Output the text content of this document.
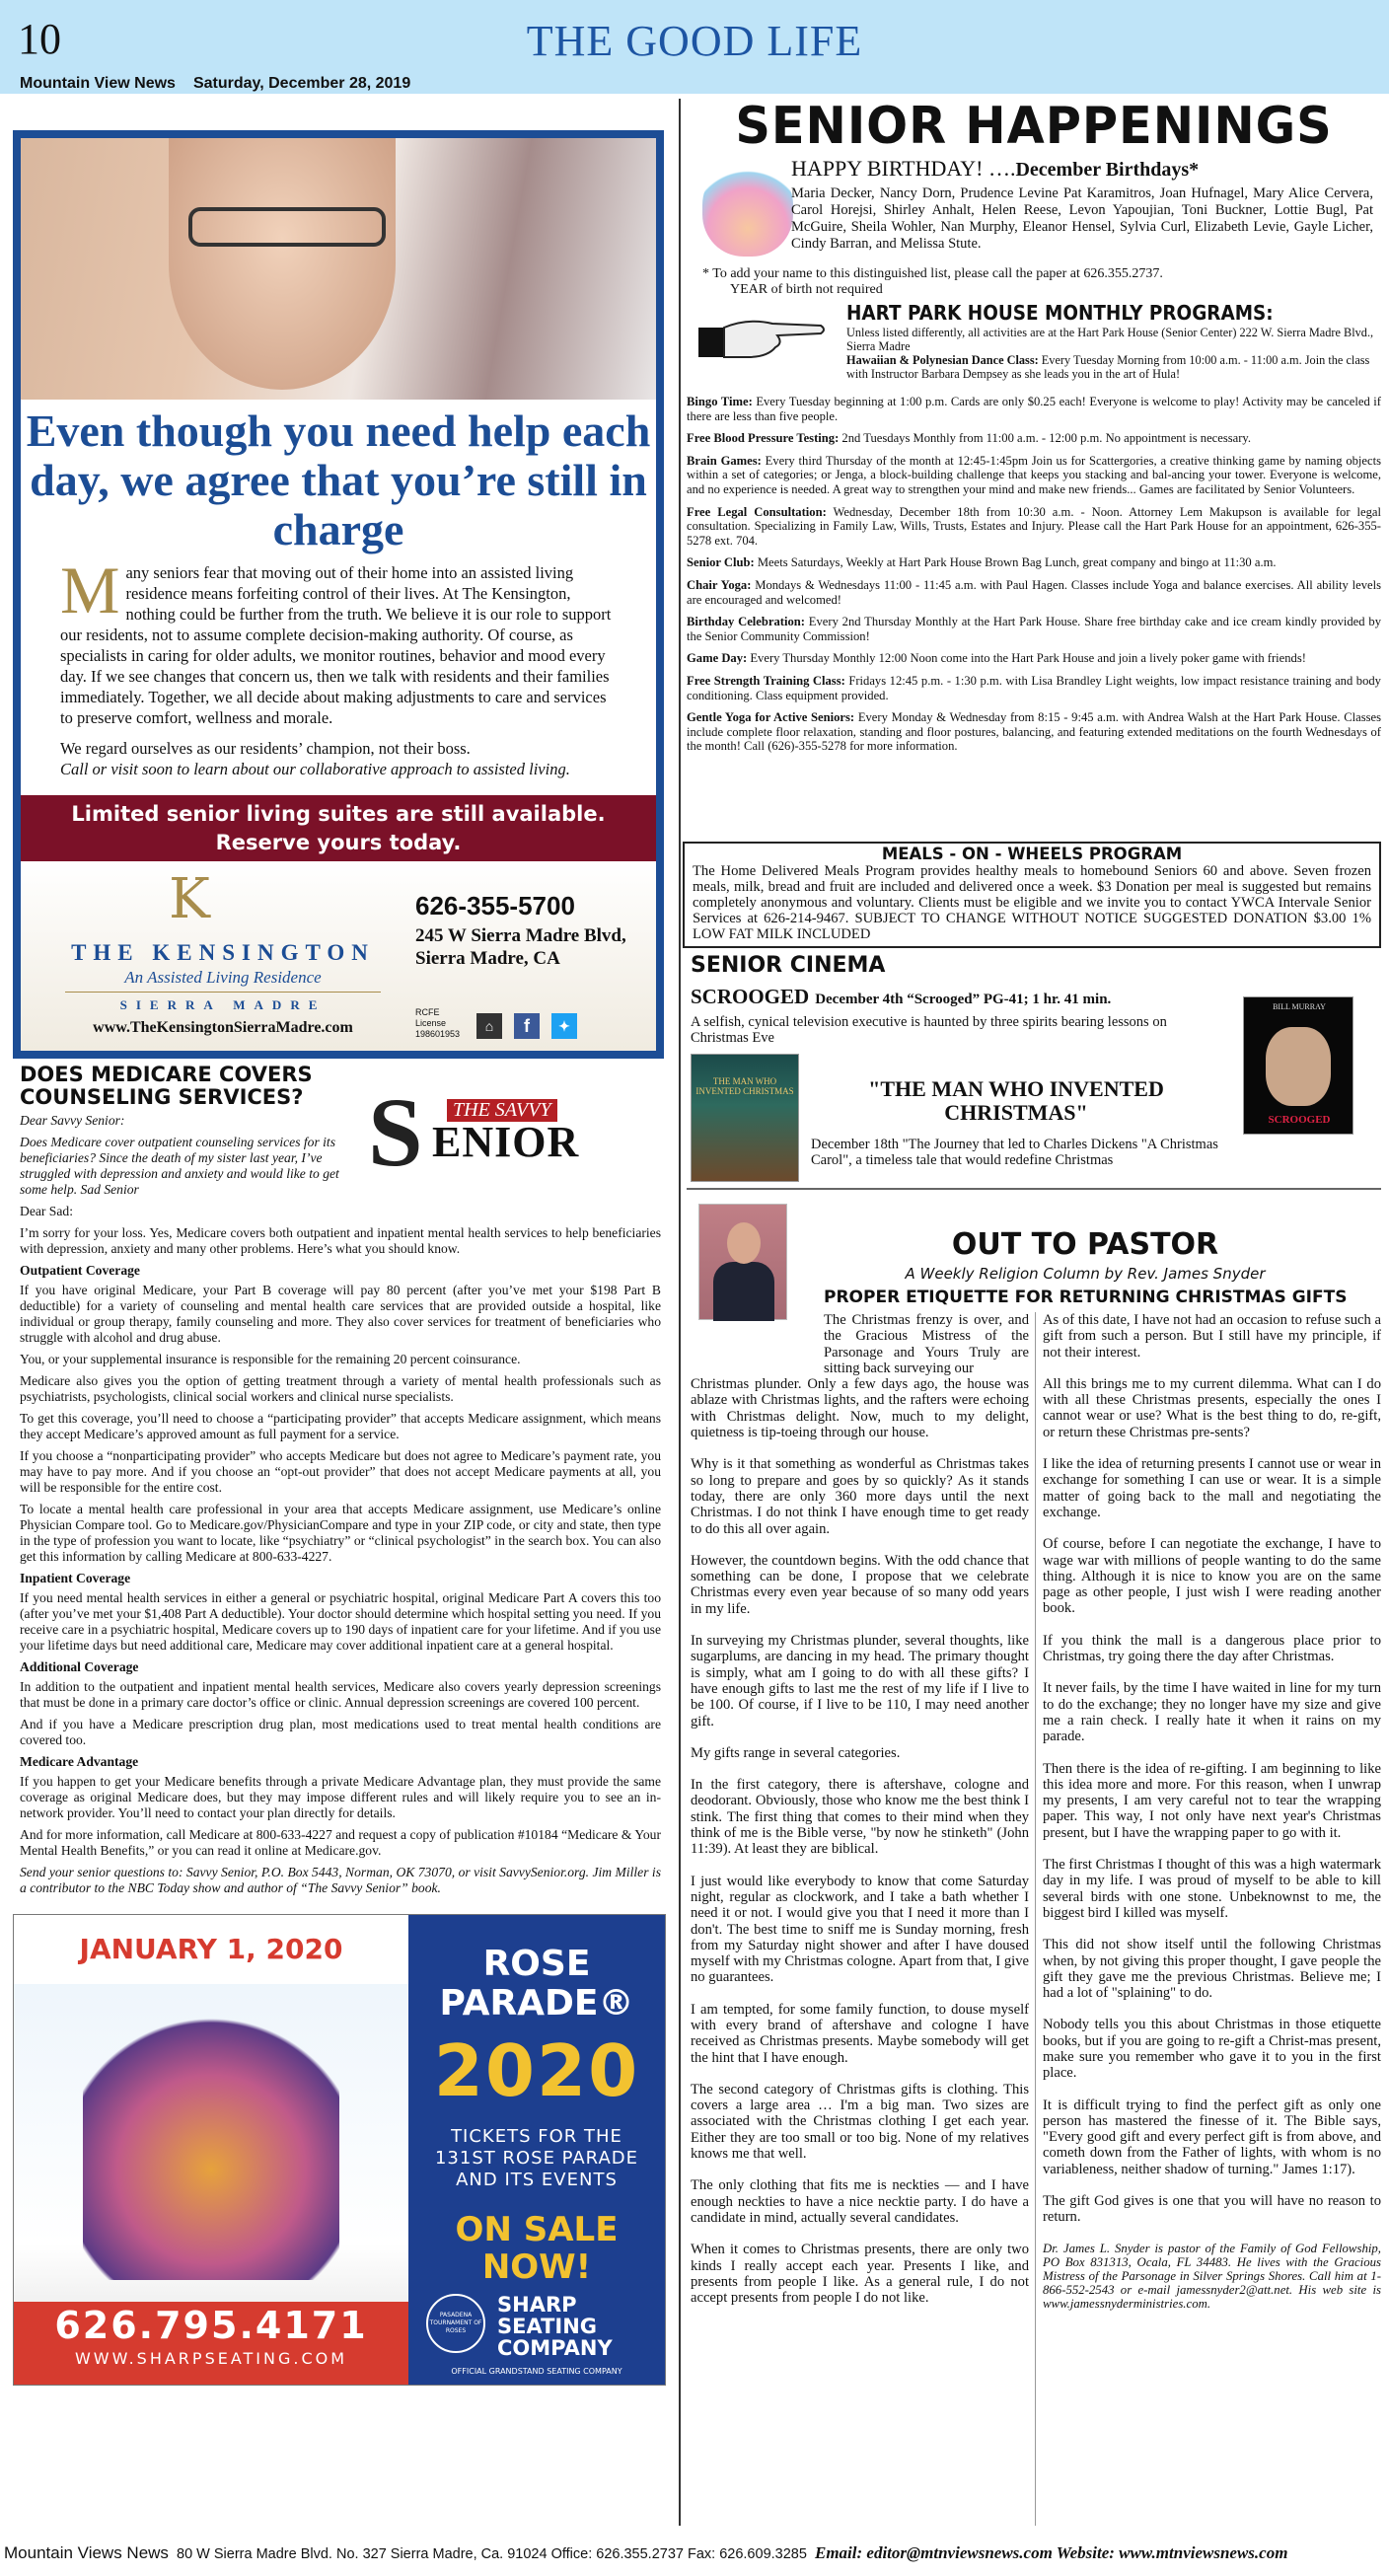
10	THE GOOD LIFE
Mountain View News Saturday, December 28, 2019
Even though you need help each day, we agree that you’re still in charge

Many seniors fear that moving out of their home into an assisted living residence means forfeiting control of their lives. At The Kensington, nothing could be further from the truth. We believe it is our role to support our residents, not to assume complete decision-making authority. Of course, as specialists in caring for older adults, we monitor routines, behavior and mood every day. If we see changes that concern us, then we talk with residents and their families immediately. Together, we all decide about making adjustments to care and services to preserve comfort, wellness and morale.

We regard ourselves as our residents’ champion, not their boss.

Call or visit soon to learn about our collaborative approach to assisted living.

Limited senior living suites are still available.
Reserve yours today.
K
THE KENSINGTON
An Assisted Living Residence
SIERRA MADRE
www.TheKensingtonSierraMadre.com
626-355-5700
245 W Sierra Madre Blvd, Sierra Madre, CA
RCFE License 198601953	⌂	f	✦
DOES MEDICARE COVERS COUNSELING SERVICES?

Dear Savvy Senior:

Does Medicare cover outpatient counseling services for its beneficiaries? Since the death of my sister last year, I’ve struggled with depression and anxiety and would like to get some help. Sad Senior

S	THE SAVVY
ENIOR

Dear Sad:

I’m sorry for your loss. Yes, Medicare covers both outpatient and inpatient mental health services to help beneficiaries with depression, anxiety and many other problems. Here’s what you should know.

Outpatient Coverage

If you have original Medicare, your Part B coverage will pay 80 percent (after you’ve met your $198 Part B deductible) for a variety of counseling and mental health care services that are provided outside a hospital, like individual or group therapy, family counseling and more. They also cover services for treatment of beneficiaries who struggle with alcohol and drug abuse.

You, or your supplemental insurance is responsible for the remaining 20 percent coinsurance.

Medicare also gives you the option of getting treatment through a variety of mental health professionals such as psychiatrists, psychologists, clinical social workers and clinical nurse specialists.

To get this coverage, you’ll need to choose a “participating provider” that accepts Medicare assignment, which means they accept Medicare’s approved amount as full payment for a service.

If you choose a “nonparticipating provider” who accepts Medicare but does not agree to Medicare’s payment rate, you may have to pay more. And if you choose an “opt-out provider” that does not accept Medicare payments at all, you will be responsible for the entire cost.

To locate a mental health care professional in your area that accepts Medicare assignment, use Medicare’s online Physician Compare tool. Go to Medicare.gov/PhysicianCompare and type in your ZIP code, or city and state, then type in the type of profession you want to locate, like “psychiatry” or “clinical psychologist” in the search box. You can also get this information by calling Medicare at 800-633-4227.

Inpatient Coverage

If you need mental health services in either a general or psychiatric hospital, original Medicare Part A covers this too (after you’ve met your $1,408 Part A deductible). Your doctor should determine which hospital setting you need. If you receive care in a psychiatric hospital, Medicare covers up to 190 days of inpatient care for your lifetime. And if you use your lifetime days but need additional care, Medicare may cover additional inpatient care at a general hospital.

Additional Coverage

In addition to the outpatient and inpatient mental health services, Medicare also covers yearly depression screenings that must be done in a primary care doctor’s office or clinic. Annual depression screenings are covered 100 percent.

And if you have a Medicare prescription drug plan, most medications used to treat mental health conditions are covered too.

Medicare Advantage

If you happen to get your Medicare benefits through a private Medicare Advantage plan, they must provide the same coverage as original Medicare does, but they may impose different rules and will likely require you to see an in-network provider. You’ll need to contact your plan directly for details.

And for more information, call Medicare at 800-633-4227 and request a copy of publication #10184 “Medicare & Your Mental Health Benefits,” or you can read it online at Medicare.gov.

Send your senior questions to: Savvy Senior, P.O. Box 5443, Norman, OK 73070, or visit SavvySenior.org. Jim Miller is a contributor to the NBC Today show and author of “The Savvy Senior” book.

JANUARY 1, 2020
626.795.4171
WWW.SHARPSEATING.COM
ROSE PARADE®
2020
TICKETS FOR THE 131ST ROSE PARADE AND ITS EVENTS
ON SALE NOW!
PASADENA TOURNAMENT OF ROSES
SHARP SEATING COMPANY
OFFICIAL GRANDSTAND SEATING COMPANY
Mountain Views News 80 W Sierra Madre Blvd. No. 327 Sierra Madre, Ca. 91024 Office: 626.355.2737 Fax: 626.609.3285 Email: editor@mtnviewsnews.com Website: www.mtnviewsnews.com
SENIOR HAPPENINGS
HAPPY BIRTHDAY! ….December Birthdays*
Maria Decker, Nancy Dorn, Prudence Levine Pat Karamitros, Joan Hufnagel, Mary Alice Cervera, Carol Horejsi, Shirley Anhalt, Helen Reese, Levon Yapoujian, Toni Buckner, Lottie Bugl, Pat McGuire, Sheila Wohler, Nan Murphy, Eleanor Hensel, Sylvia Curl, Elizabeth Levie, Gayle Licher, Cindy Barran, and Melissa Stute.
* To add your name to this distinguished list, please call the paper at 626.355.2737.
YEAR of birth not required
HART PARK HOUSE MONTHLY PROGRAMS:
Unless listed differently, all activities are at the Hart Park House (Senior Center) 222 W. Sierra Madre Blvd., Sierra Madre
Hawaiian & Polynesian Dance Class: Every Tuesday Morning from 10:00 a.m. - 11:00 a.m. Join the class with Instructor Barbara Dempsey as she leads you in the art of Hula!

Bingo Time: Every Tuesday beginning at 1:00 p.m. Cards are only $0.25 each! Everyone is welcome to play! Activity may be canceled if there are less than five people.

Free Blood Pressure Testing: 2nd Tuesdays Monthly from 11:00 a.m. - 12:00 p.m. No appointment is necessary.

Brain Games: Every third Thursday of the month at 12:45-1:45pm Join us for Scattergories, a creative thinking game by naming objects within a set of categories; or Jenga, a block-building challenge that keeps you stacking and bal-ancing your tower. Everyone is welcome, and no experience is needed. A great way to strengthen your mind and make new friends... Games are facilitated by Senior Volunteers.

Free Legal Consultation: Wednesday, December 18th from 10:30 a.m. - Noon. Attorney Lem Makupson is available for legal consultation. Specializing in Family Law, Wills, Trusts, Estates and Injury. Please call the Hart Park House for an appointment, 626-355-5278 ext. 704.

Senior Club: Meets Saturdays, Weekly at Hart Park House Brown Bag Lunch, great company and bingo at 11:30 a.m.

Chair Yoga: Mondays & Wednesdays 11:00 - 11:45 a.m. with Paul Hagen. Classes include Yoga and balance exercises. All ability levels are encouraged and welcomed!

Birthday Celebration: Every 2nd Thursday Monthly at the Hart Park House. Share free birthday cake and ice cream kindly provided by the Senior Community Commission!

Game Day: Every Thursday Monthly 12:00 Noon come into the Hart Park House and join a lively poker game with friends!

Free Strength Training Class: Fridays 12:45 p.m. - 1:30 p.m. with Lisa Brandley Light weights, low impact resistance training and body conditioning. Class equipment provided.

Gentle Yoga for Active Seniors: Every Monday & Wednesday from 8:15 - 9:45 a.m. with Andrea Walsh at the Hart Park House. Classes include complete floor relaxation, standing and floor postures, balancing, and featuring extended meditations on the fourth Wednesdays of the month! Call (626)-355-5278 for more information.

MEALS - ON - WHEELS PROGRAM
The Home Delivered Meals Program provides healthy meals to homebound Seniors 60 and above. Seven frozen meals, milk, bread and fruit are included and delivered once a week. $3 Donation per meal is suggested but remains completely anonymous and voluntary. Clients must be eligible and we invite you to contact YWCA Intervale Senior Services at 626-214-9467. SUBJECT TO CHANGE WITHOUT NOTICE SUGGESTED DONATION $3.00 1% LOW FAT MILK INCLUDED
SENIOR CINEMA
SCROOGED December 4th “Scrooged” PG-41; 1 hr. 41 min.
A selfish, cynical television executive is haunted by three spirits bearing lessons on Christmas Eve
THE MAN WHO INVENTED CHRISTMAS
BILL MURRAY
SCROOGED
"THE MAN WHO INVENTED CHRISTMAS"
December 18th "The Journey that led to Charles Dickens "A Christmas Carol", a timeless tale that would redefine Christmas
OUT TO PASTOR
A Weekly Religion Column by Rev. James Snyder
PROPER ETIQUETTE FOR RETURNING CHRISTMAS GIFTS

The Christmas frenzy is over, and the Gracious Mistress of the Parsonage and Yours Truly are sitting back surveying our

Christmas plunder. Only a few days ago, the house was ablaze with Christmas lights, and the rafters were echoing with Christmas delight. Now, much to my delight, quietness is tip-toeing through our house.

Why is it that something as wonderful as Christmas takes so long to prepare and goes by so quickly? As it stands today, there are only 360 more days until the next Christmas. I do not think I have enough time to get ready to do this all over again.

However, the countdown begins. With the odd chance that something can be done, I propose that we celebrate Christmas every even year because of so many odd years in my life.

In surveying my Christmas plunder, several thoughts, like sugarplums, are dancing in my head. The primary thought is simply, what am I going to do with all these gifts? I have enough gifts to last me the rest of my life if I live to be 100. Of course, if I live to be 110, I may need another gift.

My gifts range in several categories.

In the first category, there is aftershave, cologne and deodorant. Obviously, those who know me the best think I stink. The first thing that comes to their mind when they think of me is the Bible verse, "by now he stinketh" (John 11:39). At least they are biblical.

I just would like everybody to know that come Saturday night, regular as clockwork, and I take a bath whether I need it or not. I would give you that I need it more than I don't. The best time to sniff me is Sunday morning, fresh from my Saturday night shower and after I have doused myself with my Christmas cologne. Apart from that, I give no guarantees.

I am tempted, for some family function, to douse myself with every brand of aftershave and cologne I have received as Christmas presents. Maybe somebody will get the hint that I have enough.

The second category of Christmas gifts is clothing. This covers a large area … I'm a big man. Two sizes are associated with the Christmas clothing I get each year. Either they are too small or too big. None of my relatives knows me that well.

The only clothing that fits me is neckties — and I have enough neckties to have a nice necktie party. I do have a candidate in mind, actually several candidates.

When it comes to Christmas presents, there are only two kinds I really accept each year. Presents I like, and presents from people I like. As a general rule, I do not accept presents from people I do not like.

As of this date, I have not had an occasion to refuse such a gift from such a person. But I still have my principle, if not their interest.

All this brings me to my current dilemma. What can I do with all these Christmas presents, especially the ones I cannot wear or use? What is the best thing to do, re-gift, or return these Christmas pre-sents?

I like the idea of returning presents I cannot use or wear in exchange for something I can use or wear. It is a simple matter of going back to the mall and negotiating the exchange.

Of course, before I can negotiate the exchange, I have to wage war with millions of people wanting to do the same thing. Although it is nice to know you are on the same page as other people, I just wish I were reading another book.

If you think the mall is a dangerous place prior to Christmas, try going there the day after Christmas.

It never fails, by the time I have waited in line for my turn to do the exchange; they no longer have my size and give me a rain check. I really hate it when it rains on my parade.

Then there is the idea of re-gifting. I am beginning to like this idea more and more. For this reason, when I unwrap my presents, I am very careful not to tear the wrapping paper. This way, I not only have next year's Christmas present, but I have the wrapping paper to go with it.

The first Christmas I thought of this was a high watermark day in my life. I was proud of myself to be able to kill several birds with one stone. Unbeknownst to me, the biggest bird I killed was myself.

This did not show itself until the following Christmas when, by not giving this proper thought, I gave people the gift they gave me the previous Christmas. Believe me; I had a lot of "splaining" to do.

Nobody tells you this about Christmas in those etiquette books, but if you are going to re-gift a Christ-mas present, make sure you remember who gave it to you in the first place.

It is difficult trying to find the perfect gift as only one person has mastered the finesse of it. The Bible says, "Every good gift and every perfect gift is from above, and cometh down from the Father of lights, with whom is no variableness, neither shadow of turning." James 1:17).

The gift God gives is one that you will have no reason to return.

Dr. James L. Snyder is pastor of the Family of God Fellowship, PO Box 831313, Ocala, FL 34483. He lives with the Gracious Mistress of the Parsonage in Silver Springs Shores. Call him at 1-866-552-2543 or e-mail jamessnyder2@att.net. His web site is www.jamessnyderministries.com.
